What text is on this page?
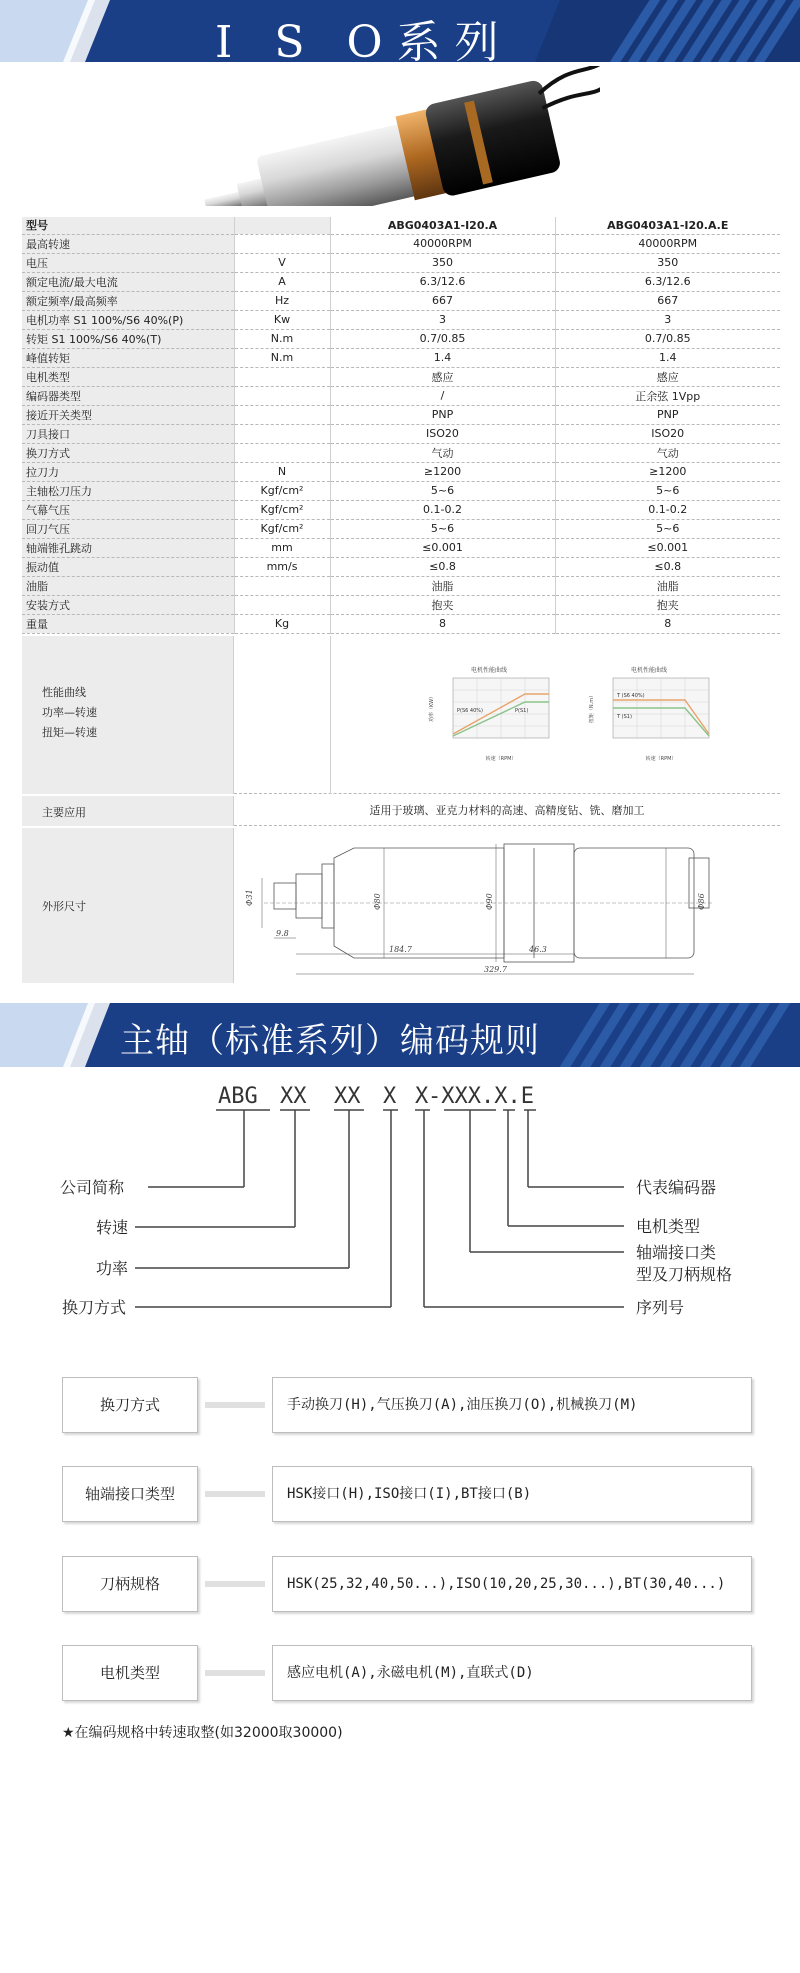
I S O系列
型号		ABG0403A1-I20.A	ABG0403A1-I20.A.E
最高转速		40000RPM	40000RPM
电压	V	350	350
额定电流/最大电流	A	6.3/12.6	6.3/12.6
额定频率/最高频率	Hz	667	667
电机功率 S1 100%/S6 40%(P)	Kw	3	3
转矩 S1 100%/S6 40%(T)	N.m	0.7/0.85	0.7/0.85
峰值转矩	N.m	1.4	1.4
电机类型		感应	感应
编码器类型		/	正余弦 1Vpp
接近开关类型		PNP	PNP
刀具接口		ISO20	ISO20
换刀方式		气动	气动
拉刀力	N	≥1200	≥1200
主轴松刀压力	Kgf/cm²	5~6	5~6
气幕气压	Kgf/cm²	0.1-0.2	0.1-0.2
回刀气压	Kgf/cm²	5~6	5~6
轴端锥孔跳动	mm	≤0.001	≤0.001
振动值	mm/s	≤0.8	≤0.8
油脂		油脂	油脂
安装方式		抱夹	抱夹
重量	Kg	8	8
性能曲线
功率—转速
扭矩—转速
电机性能曲线
P(S6 40%)	P(S1)
转速（RPM）
功率（KW）
电机性能曲线
T (S6 40%)
T (S1)
转速（RPM）
扭矩（N.m）
主要应用	适用于玻璃、亚克力材料的高速、高精度钻、铣、磨加工
外形尺寸
9.8
184.7	46.3
329.7
Φ31	Φ80	Φ90	Φ86
主轴（标准系列）编码规则
ABG XX XX X X -XXX.X.E
公司简称
转速
功率
换刀方式
代表编码器
电机类型
轴端接口类
型及刀柄规格
序列号
换刀方式	手动换刀(H),气压换刀(A),油压换刀(O),机械换刀(M)
轴端接口类型	HSK接口(H),ISO接口(I),BT接口(B)
刀柄规格	HSK(25,32,40,50...),ISO(10,20,25,30...),BT(30,40...)
电机类型	感应电机(A),永磁电机(M),直联式(D)
★在编码规格中转速取整(如32000取30000)
